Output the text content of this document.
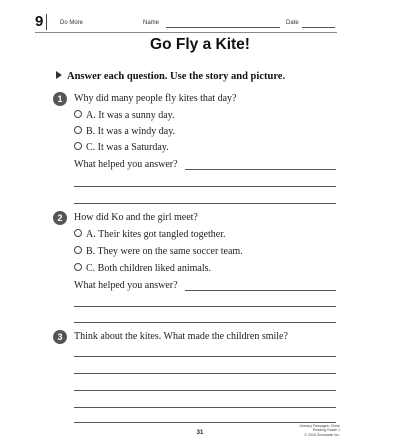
9	Do More	Name	Date
Go Fly a Kite!
Answer each question. Use the story and picture.
1	Why did many people fly kites that day?
A. It was a sunny day.
B. It was a windy day.
C. It was a Saturday.
What helped you answer?
2	How did Ko and the girl meet?
A. Their kites got tangled together.
B. They were on the same soccer team.
C. Both children liked animals.
What helped you answer?
3	Think about the kites. What made the children smile?
31
Literacy Passages: Close Reading Grade 1
© 2016 Scholastic Inc.
